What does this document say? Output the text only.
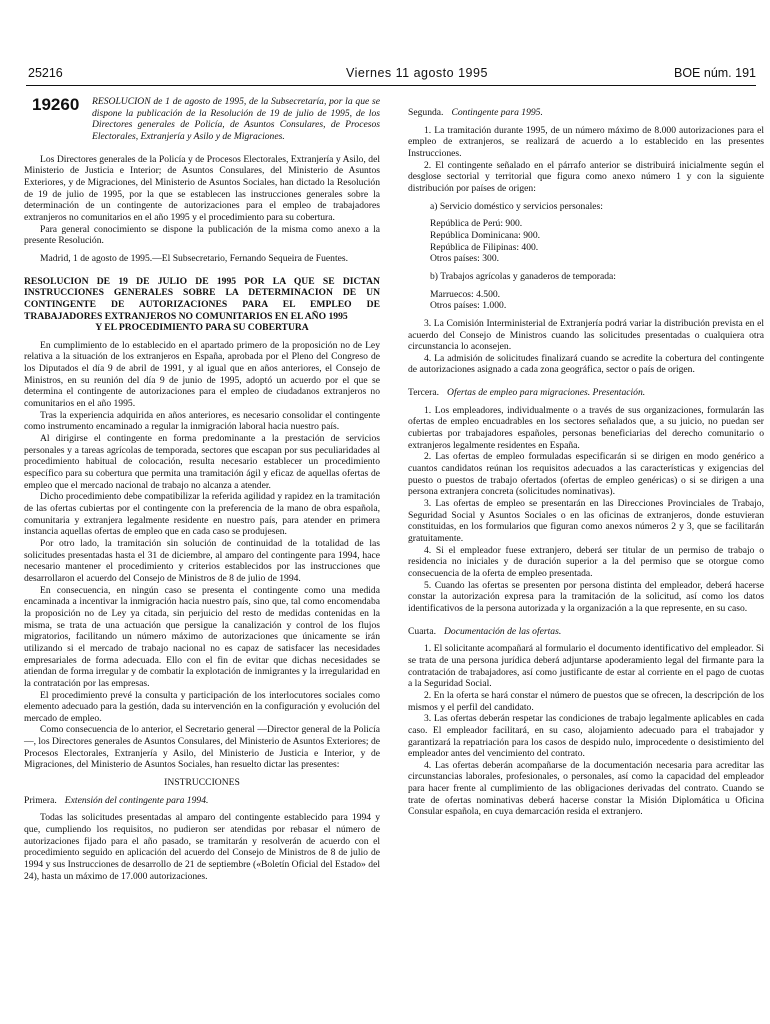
25216	Viernes 11 agosto 1995	BOE núm. 191
19260	RESOLUCION de 1 de agosto de 1995, de la Subsecretaría, por la que se dispone la publicación de la Resolución de 19 de julio de 1995, de los Directores generales de Policía, de Asuntos Consulares, de Procesos Electorales, Extranjería y Asilo y de Migraciones.

Los Directores generales de la Policía y de Procesos Electorales, Extranjería y Asilo, del Ministerio de Justicia e Interior; de Asuntos Consulares, del Ministerio de Asuntos Exteriores, y de Migraciones, del Ministerio de Asuntos Sociales, han dictado la Resolución de 19 de julio de 1995, por la que se establecen las instrucciones generales sobre la determinación de un contingente de autorizaciones para el empleo de trabajadores extranjeros no comunitarios en el año 1995 y el procedimiento para su cobertura.

Para general conocimiento se dispone la publicación de la misma como anexo a la presente Resolución.

Madrid, 1 de agosto de 1995.—El Subsecretario, Fernando Sequeira de Fuentes.

RESOLUCION DE 19 DE JULIO DE 1995 POR LA QUE SE DICTAN INSTRUCCIONES GENERALES SOBRE LA DETERMINACION DE UN CONTINGENTE DE AUTORIZACIONES PARA EL EMPLEO DE TRABAJADORES EXTRANJEROS NO COMUNITARIOS EN EL AÑO 1995

Y EL PROCEDIMIENTO PARA SU COBERTURA

En cumplimiento de lo establecido en el apartado primero de la proposición no de Ley relativa a la situación de los extranjeros en España, aprobada por el Pleno del Congreso de los Diputados el día 9 de abril de 1991, y al igual que en años anteriores, el Consejo de Ministros, en su reunión del día 9 de junio de 1995, adoptó un acuerdo por el que se determina el contingente de autorizaciones para el empleo de ciudadanos extranjeros no comunitarios en el año 1995.

Tras la experiencia adquirida en años anteriores, es necesario consolidar el contingente como instrumento encaminado a regular la inmigración laboral hacia nuestro país.

Al dirigirse el contingente en forma predominante a la prestación de servicios personales y a tareas agrícolas de temporada, sectores que escapan por sus peculiaridades al procedimiento habitual de colocación, resulta necesario establecer un procedimiento específico para su cobertura que permita una tramitación ágil y eficaz de aquellas ofertas de empleo que el mercado nacional de trabajo no alcanza a atender.

Dicho procedimiento debe compatibilizar la referida agilidad y rapidez en la tramitación de las ofertas cubiertas por el contingente con la preferencia de la mano de obra española, comunitaria y extranjera legalmente residente en nuestro país, para atender en primera instancia aquellas ofertas de empleo que en cada caso se produjesen.

Por otro lado, la tramitación sin solución de continuidad de la totalidad de las solicitudes presentadas hasta el 31 de diciembre, al amparo del contingente para 1994, hace necesario mantener el procedimiento y criterios establecidos por las instrucciones que desarrollaron el acuerdo del Consejo de Ministros de 8 de julio de 1994.

En consecuencia, en ningún caso se presenta el contingente como una medida encaminada a incentivar la inmigración hacia nuestro país, sino que, tal como encomendaba la proposición no de Ley ya citada, sin perjuicio del resto de medidas contenidas en la misma, se trata de una actuación que persigue la canalización y control de los flujos migratorios, facilitando un número máximo de autorizaciones que únicamente se irán utilizando si el mercado de trabajo nacional no es capaz de satisfacer las necesidades empresariales de forma adecuada. Ello con el fin de evitar que dichas necesidades se atiendan de forma irregular y de combatir la explotación de inmigrantes y la irregularidad en la contratación por las empresas.

El procedimiento prevé la consulta y participación de los interlocutores sociales como elemento adecuado para la gestión, dada su intervención en la configuración y evolución del mercado de empleo.

Como consecuencia de lo anterior, el Secretario general —Director general de la Policía—, los Directores generales de Asuntos Consulares, del Ministerio de Asuntos Exteriores; de Procesos Electorales, Extranjería y Asilo, del Ministerio de Justicia e Interior, y de Migraciones, del Ministerio de Asuntos Sociales, han resuelto dictar las presentes:

INSTRUCCIONES

Primera. Extensión del contingente para 1994.

Todas las solicitudes presentadas al amparo del contingente establecido para 1994 y que, cumpliendo los requisitos, no pudieron ser atendidas por rebasar el número de autorizaciones fijado para el año pasado, se tramitarán y resolverán de acuerdo con el procedimiento seguido en aplicación del acuerdo del Consejo de Ministros de 8 de julio de 1994 y sus Instrucciones de desarrollo de 21 de septiembre («Boletín Oficial del Estado» del 24), hasta un máximo de 17.000 autorizaciones.

Segunda. Contingente para 1995.

1. La tramitación durante 1995, de un número máximo de 8.000 autorizaciones para el empleo de extranjeros, se realizará de acuerdo a lo establecido en las presentes Instrucciones.

2. El contingente señalado en el párrafo anterior se distribuirá inicialmente según el desglose sectorial y territorial que figura como anexo número 1 y con la siguiente distribución por países de origen:

a) Servicio doméstico y servicios personales:

República de Perú: 900.

República Dominicana: 900.

República de Filipinas: 400.

Otros países: 300.

b) Trabajos agrícolas y ganaderos de temporada:

Marruecos: 4.500.

Otros países: 1.000.

3. La Comisión Interministerial de Extranjería podrá variar la distribución prevista en el acuerdo del Consejo de Ministros cuando las solicitudes presentadas o cualquiera otra circunstancia lo aconsejen.

4. La admisión de solicitudes finalizará cuando se acredite la cobertura del contingente de autorizaciones asignado a cada zona geográfica, sector o país de origen.

Tercera. Ofertas de empleo para migraciones. Presentación.

1. Los empleadores, individualmente o a través de sus organizaciones, formularán las ofertas de empleo encuadrables en los sectores señalados que, a su juicio, no puedan ser cubiertas por trabajadores españoles, personas beneficiarias del derecho comunitario o extranjeros legalmente residentes en España.

2. Las ofertas de empleo formuladas especificarán si se dirigen en modo genérico a cuantos candidatos reúnan los requisitos adecuados a las características y exigencias del puesto o puestos de trabajo ofertados (ofertas de empleo genéricas) o si se dirigen a una persona extranjera concreta (solicitudes nominativas).

3. Las ofertas de empleo se presentarán en las Direcciones Provinciales de Trabajo, Seguridad Social y Asuntos Sociales o en las oficinas de extranjeros, donde estuvieran constituidas, en los formularios que figuran como anexos números 2 y 3, que se facilitarán gratuitamente.

4. Si el empleador fuese extranjero, deberá ser titular de un permiso de trabajo o residencia no iniciales y de duración superior a la del permiso que se otorgue como consecuencia de la oferta de empleo presentada.

5. Cuando las ofertas se presenten por persona distinta del empleador, deberá hacerse constar la autorización expresa para la tramitación de la solicitud, así como los datos identificativos de la persona autorizada y la organización a la que represente, en su caso.

Cuarta. Documentación de las ofertas.

1. El solicitante acompañará al formulario el documento identificativo del empleador. Si se trata de una persona jurídica deberá adjuntarse apoderamiento legal del firmante para la contratación de trabajadores, así como justificante de estar al corriente en el pago de cuotas a la Seguridad Social.

2. En la oferta se hará constar el número de puestos que se ofrecen, la descripción de los mismos y el perfil del candidato.

3. Las ofertas deberán respetar las condiciones de trabajo legalmente aplicables en cada caso. El empleador facilitará, en su caso, alojamiento adecuado para el trabajador y garantizará la repatriación para los casos de despido nulo, improcedente o desistimiento del empleador antes del vencimiento del contrato.

4. Las ofertas deberán acompañarse de la documentación necesaria para acreditar las circunstancias laborales, profesionales, o personales, así como la capacidad del empleador para hacer frente al cumplimiento de las obligaciones derivadas del contrato. Cuando se trate de ofertas nominativas deberá hacerse constar la Misión Diplomática u Oficina Consular española, en cuya demarcación resida el extranjero.
